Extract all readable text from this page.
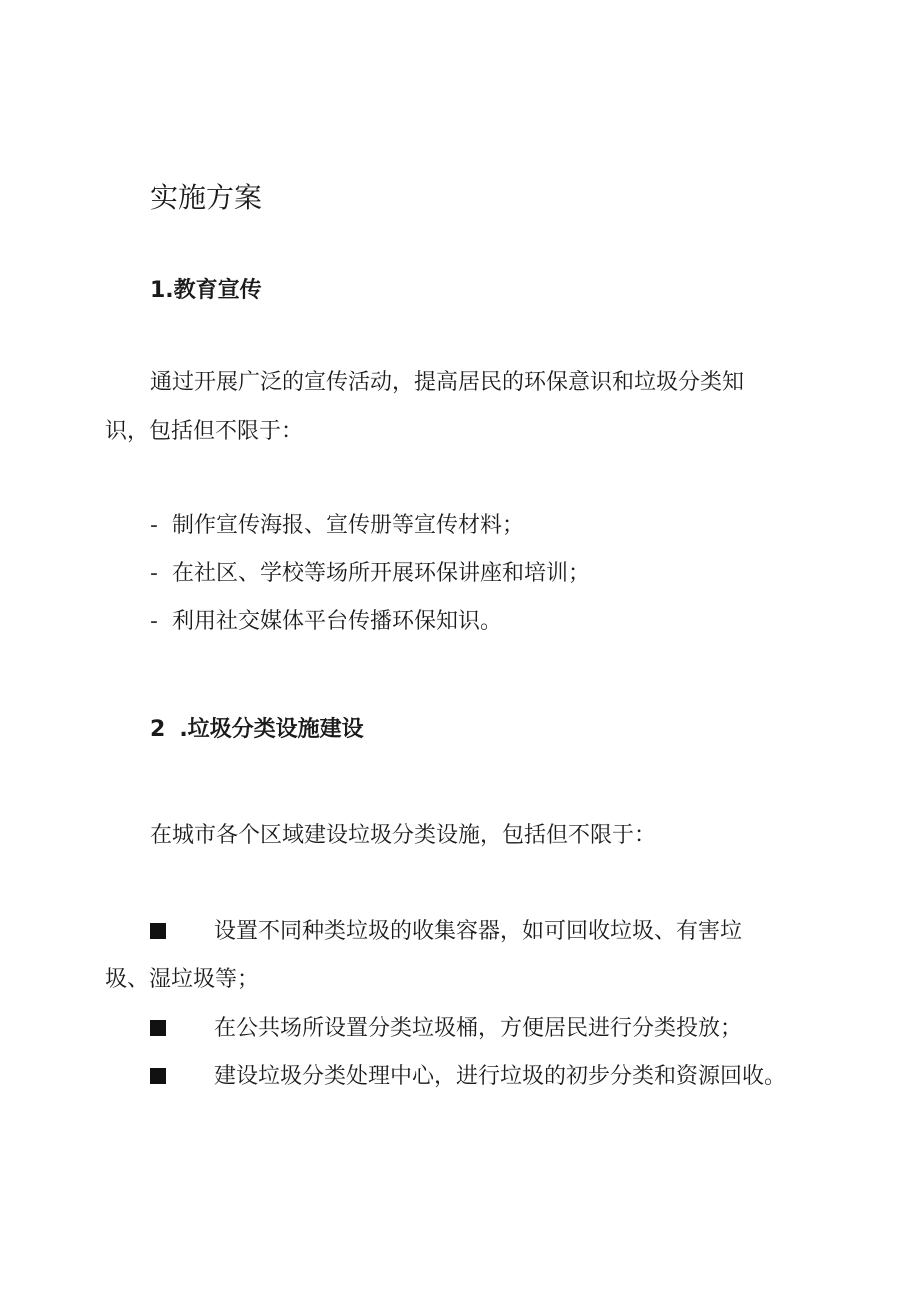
实施方案
1.教育宣传

通过开展广泛的宣传活动，提高居民的环保意识和垃圾分类知

识，包括但不限于：

- 制作宣传海报、宣传册等宣传材料；
- 在社区、学校等场所开展环保讲座和培训；
- 利用社交媒体平台传播环保知识。
2 .垃圾分类设施建设

在城市各个区域建设垃圾分类设施，包括但不限于：

设置不同种类垃圾的收集容器，如可回收垃圾、有害垃

圾、湿垃圾等；

在公共场所设置分类垃圾桶，方便居民进行分类投放；
建设垃圾分类处理中心，进行垃圾的初步分类和资源回收。
